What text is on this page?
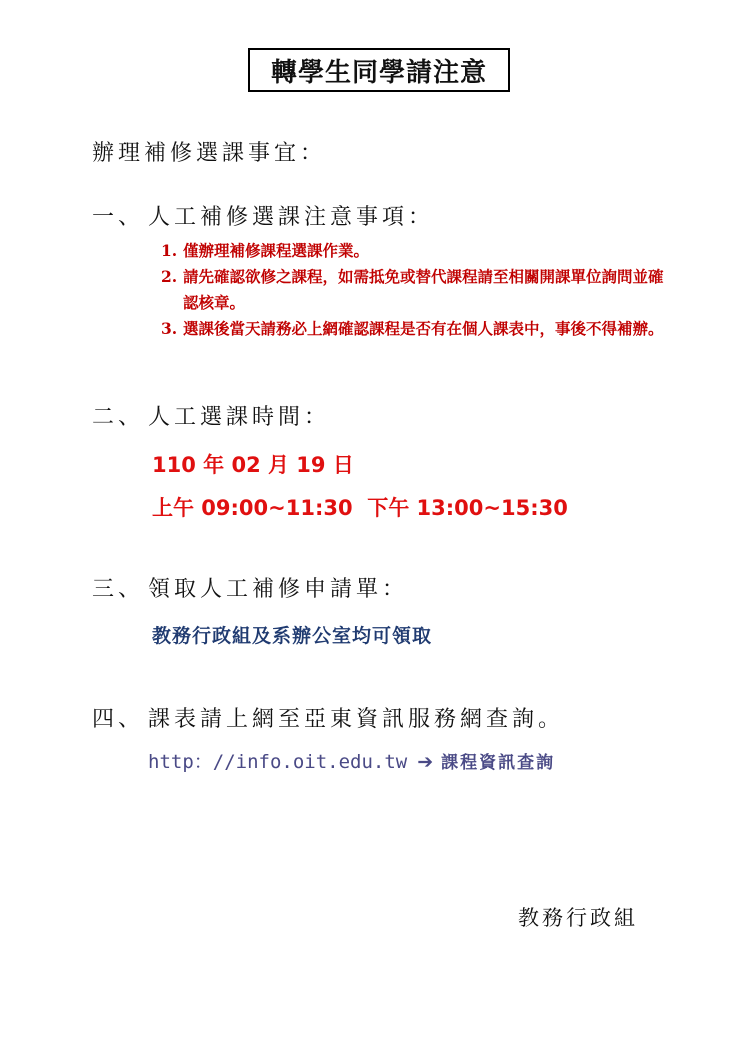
轉學生同學請注意
辦理補修選課事宜：
一、 人工補修選課注意事項：
1. 僅辦理補修課程選課作業。
2. 請先確認欲修之課程，如需抵免或替代課程請至相關開課單位詢問並確認核章。
3. 選課後當天請務必上網確認課程是否有在個人課表中，事後不得補辦。
二、 人工選課時間：
110 年 02 月 19 日
上午 09:00~11:30  下午 13:00~15:30
三、 領取人工補修申請單：
教務行政組及系辦公室均可領取
四、 課表請上網至亞東資訊服務網查詢。
http：//info.oit.edu.tw ➔ 課程資訊查詢
教務行政組
